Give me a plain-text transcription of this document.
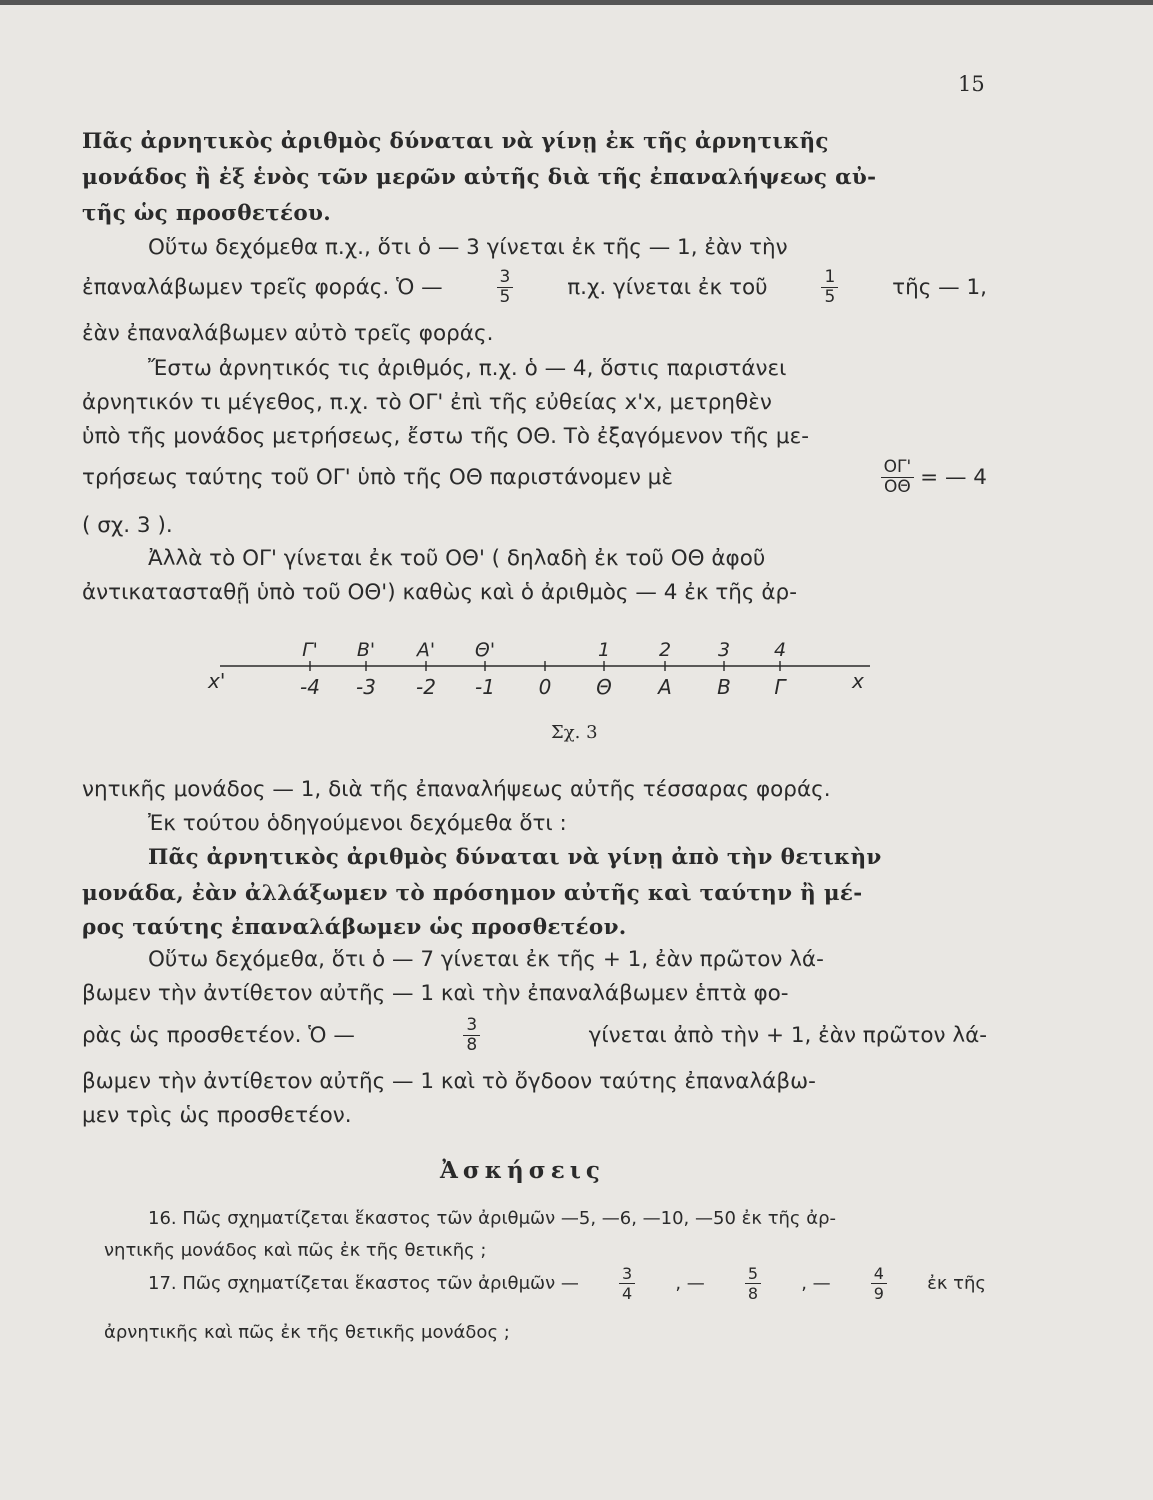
15
Πᾶς ἀρνητικὸς ἀριθμὸς δύναται νὰ γίνῃ ἐκ τῆς ἀρνητικῆς
μονάδος ἢ ἐξ ἑνὸς τῶν μερῶν αὐτῆς διὰ τῆς ἐπαναλήψεως αὐ-
τῆς ὡς προσθετέου.
Οὕτω δεχόμεθα π.χ., ὅτι ὁ — 3 γίνεται ἐκ τῆς — 1, ἐὰν τὴν
ἐπαναλάβωμεν τρεῖς φοράς. Ὁ —	$\frac{3}{5}$	π.χ. γίνεται ἐκ τοῦ	$\frac{1}{5}$	τῆς — 1,
ἐὰν ἐπαναλάβωμεν αὐτὸ τρεῖς φοράς.
Ἔστω ἀρνητικός τις ἀριθμός, π.χ. ὁ — 4, ὅστις παριστάνει
ἀρνητικόν τι μέγεθος, π.χ. τὸ ΟΓ' ἐπὶ τῆς εὐθείας x'x, μετρηθὲν
ὑπὸ τῆς μονάδος μετρήσεως, ἔστω τῆς ΟΘ. Τὸ ἐξαγόμενον τῆς με-
τρήσεως ταύτης τοῦ ΟΓ' ὑπὸ τῆς ΟΘ παριστάνομεν μὲ	$\frac{O\Gamma'}{O\Theta}$ = — 4
( σχ. 3 ).
Ἀλλὰ τὸ ΟΓ' γίνεται ἐκ τοῦ ΟΘ' ( δηλαδὴ ἐκ τοῦ ΟΘ ἀφοῦ
ἀντικατασταθῇ ὑπὸ τοῦ ΟΘ') καθὼς καὶ ὁ ἀριθμὸς — 4 ἐκ τῆς ἀρ-
Γ' Β' Α' Θ'	1	2 3 4
-4 -3 -2 -1 0 Θ Α Β Γ
x'	x
Σχ. 3
νητικῆς μονάδος — 1, διὰ τῆς ἐπαναλήψεως αὐτῆς τέσσαρας φοράς.
Ἐκ τούτου ὁδηγούμενοι δεχόμεθα ὅτι :
Πᾶς ἀρνητικὸς ἀριθμὸς δύναται νὰ γίνῃ ἀπὸ τὴν θετικὴν
μονάδα, ἐὰν ἀλλάξωμεν τὸ πρόσημον αὐτῆς καὶ ταύτην ἢ μέ-
ρος ταύτης ἐπαναλάβωμεν ὡς προσθετέον.
Οὕτω δεχόμεθα, ὅτι ὁ — 7 γίνεται ἐκ τῆς + 1, ἐὰν πρῶτον λά-
βωμεν τὴν ἀντίθετον αὐτῆς — 1 καὶ τὴν ἐπαναλάβωμεν ἑπτὰ φο-
ρὰς ὡς προσθετέον. Ὁ —	$\frac{3}{8}$	γίνεται ἀπὸ τὴν + 1, ἐὰν πρῶτον λά-
βωμεν τὴν ἀντίθετον αὐτῆς — 1 καὶ τὸ ὄγδοον ταύτης ἐπαναλάβω-
μεν τρὶς ὡς προσθετέον.
Ἀσκήσεις
16. Πῶς σχηματίζεται ἕκαστος τῶν ἀριθμῶν —5, —6, —10, —50 ἐκ τῆς ἀρ-
νητικῆς μονάδος καὶ πῶς ἐκ τῆς θετικῆς ;
17. Πῶς σχηματίζεται ἕκαστος τῶν ἀριθμῶν —	$\frac{3}{4}$ , —	$\frac{5}{8}$ , —	$\frac{4}{9}$ ἐκ τῆς
ἀρνητικῆς καὶ πῶς ἐκ τῆς θετικῆς μονάδος ;
